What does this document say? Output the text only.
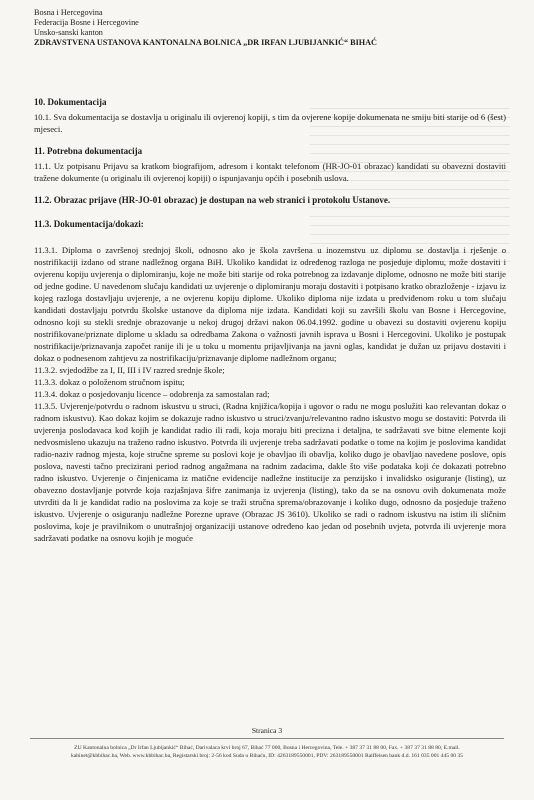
Bosna i Hercegovina
Federacija Bosne i Hercegovine
Unsko-sanski kanton
ZDRAVSTVENA USTANOVA KANTONALNA BOLNICA „DR IRFAN LJUBIJANKIĆ“ BIHAĆ
10. Dokumentacija
10.1. Sva dokumentacija se dostavlja u originalu ili ovjerenoj kopiji, s tim da ovjerene kopije dokumenata ne smiju biti starije od 6 (šest) mjeseci.
11. Potrebna dokumentacija
11.1. Uz potpisanu Prijavu sa kratkom biografijom, adresom i kontakt telefonom (HR-JO-01 obrazac) kandidati su obavezni dostaviti tražene dokumente (u originalu ili ovjerenoj kopiji) o ispunjavanju općih i posebnih uslova.
11.2. Obrazac prijave (HR-JO-01 obrazac) je dostupan na web stranici i protokolu Ustanove.
11.3. Dokumentacija/dokazi:
11.3.1. Diploma o završenoj srednjoj školi, odnosno ako je škola završena u inozemstvu uz diplomu se dostavlja i rješenje o nostrifikaciji izdano od strane nadležnog organa BiH. Ukoliko kandidat iz određenog razloga ne posjeduje diplomu, može dostaviti i ovjerenu kopiju uvjerenja o diplomiranju, koje ne može biti starije od roka potrebnog za izdavanje diplome, odnosno ne može biti starije od jedne godine. U navedenom slučaju kandidati uz uvjerenje o diplomiranju moraju dostaviti i potpisano kratko obrazloženje - izjavu iz kojeg razloga dostavljaju uvjerenje, a ne ovjerenu kopiju diplome. Ukoliko diploma nije izdata u predviđenom roku u tom slučaju kandidati dostavljaju potvrdu školske ustanove da diploma nije izdata. Kandidati koji su završili školu van Bosne i Hercegovine, odnosno koji su stekli srednje obrazovanje u nekoj drugoj državi nakon 06.04.1992. godine u obavezi su dostaviti ovjerenu kopiju nostrifikovane/priznate diplome u skladu sa odredbama Zakona o važnosti javnih isprava u Bosni i Hercegovini. Ukoliko je postupak nostrifikacije/priznavanja započet ranije ili je u toku u momentu prijavljivanja na javni oglas, kandidat je dužan uz prijavu dostaviti i dokaz o podnesenom zahtjevu za nostrifikaciju/priznavanje diplome nadležnom organu;
11.3.2. svjedodžbe za I, II, III i IV razred srednje škole;
11.3.3. dokaz o položenom stručnom ispitu;
11.3.4. dokaz o posjedovanju licence – odobrenja za samostalan rad;
11.3.5. Uvjerenje/potvrdu o radnom iskustvu u struci, (Radna knjižica/kopija i ugovor o radu ne mogu poslužiti kao relevantan dokaz o radnom iskustvu). Kao dokaz kojim se dokazuje radno iskustvo u struci/zvanju/relevantno radno iskustvo mogu se dostaviti: Potvrda ili uvjerenja poslodavaca kod kojih je kandidat radio ili radi, koja moraju biti precizna i detaljna, te sadržavati sve bitne elemente koji nedvosmisleno ukazuju na traženo radno iskustvo. Potvrda ili uvjerenje treba sadržavati podatke o tome na kojim je poslovima kandidat radio-naziv radnog mjesta, koje stručne spreme su poslovi koje je obavljao ili obavlja, koliko dugo je obavljao navedene poslove, opis poslova, navesti tačno precizirani period radnog angažmana na radnim zadacima, dakle što više podataka koji će dokazati potrebno radno iskustvo. Uvjerenje o činjenicama iz matične evidencije nadležne institucije za penzijsko i invalidsko osiguranje (listing), uz obavezno dostavljanje potvrde koja razjašnjava šifre zanimanja iz uvjerenja (listing), tako da se na osnovu ovih dokumenata može utvrditi da li je kandidat radio na poslovima za koje se traži stručna sprema/obrazovanje i koliko dugo, odnosno da posjeduje traženo iskustvo. Uvjerenje o osiguranju nadležne Porezne uprave (Obrazac JS 3610). Ukoliko se radi o radnom iskustvu na istim ili sličnim poslovima, koje je pravilnikom o unutrašnjoj organizaciji ustanove određeno kao jedan od posebnih uvjeta, potvrda ili uvjerenje mora sadržavati podatke na osnovu kojih je moguće
Stranica 3
ZU Kantonalna bolnica „Dr Irfan Ljubijankić“ Bihać, Darivalaca krvi broj 67, Bihać 77 000, Bosna i Hercegovina, Tele. + 387 37 31 88 00, Fax. + 387 37 31 88 80, E.mail.
kabinet@kbbihac.ba, Web. www.kbbihac.ba, Registarski broj: 2-56 kod Suda u Bihaću, ID: 4263189550001, PDV: 263189550001 Raiffeisen bank d.d. 161 035 001 445 00 35
